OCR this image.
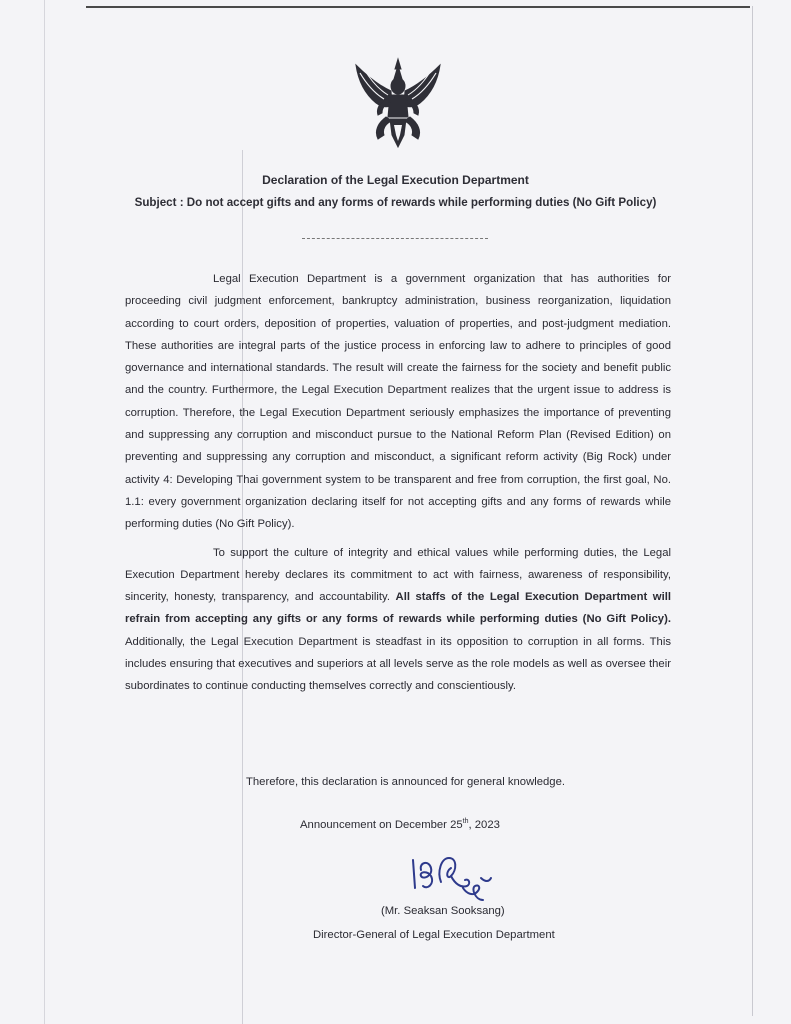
Declaration of the Legal Execution Department
Subject : Do not accept gifts and any forms of rewards while performing duties (No Gift Policy)

Legal Execution Department is a government organization that has authorities for proceeding civil judgment enforcement, bankruptcy administration, business reorganization, liquidation according to court orders, deposition of properties, valuation of properties, and post-judgment mediation. These authorities are integral parts of the justice process in enforcing law to adhere to principles of good governance and international standards. The result will create the fairness for the society and benefit public and the country. Furthermore, the Legal Execution Department realizes that the urgent issue to address is corruption. Therefore, the Legal Execution Department seriously emphasizes the importance of preventing and suppressing any corruption and misconduct pursue to the National Reform Plan (Revised Edition) on preventing and suppressing any corruption and misconduct, a significant reform activity (Big Rock) under activity 4: Developing Thai government system to be transparent and free from corruption, the first goal, No. 1.1: every government organization declaring itself for not accepting gifts and any forms of rewards while performing duties (No Gift Policy).

To support the culture of integrity and ethical values while performing duties, the Legal Execution Department hereby declares its commitment to act with fairness, awareness of responsibility, sincerity, honesty, transparency, and accountability. All staffs of the Legal Execution Department will refrain from accepting any gifts or any forms of rewards while performing duties (No Gift Policy). Additionally, the Legal Execution Department is steadfast in its opposition to corruption in all forms. This includes ensuring that executives and superiors at all levels serve as the role models as well as oversee their subordinates to continue conducting themselves correctly and conscientiously.

Therefore, this declaration is announced for general knowledge.
Announcement on December 25th, 2023
(Mr. Seaksan Sooksang)
Director-General of Legal Execution Department
